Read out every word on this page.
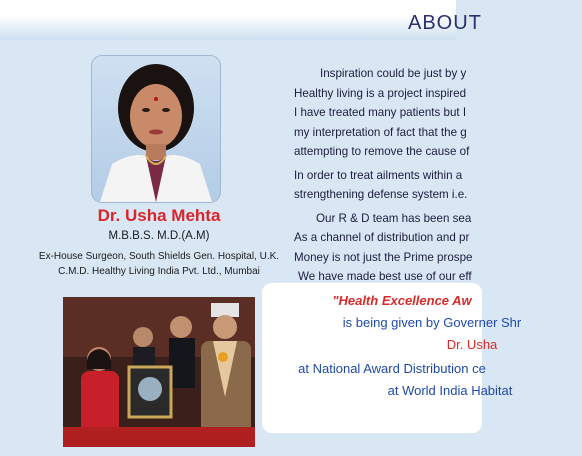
ABOUT
Dr. Usha Mehta
M.B.B.S. M.D.(A.M)
Ex-House Surgeon, South Shields Gen. Hospital, U.K.
C.M.D. Healthy Living India Pvt. Ltd., Mumbai
Inspiration could be just by y
Healthy living is a project inspired
I have treated many patients but I
my interpretation of fact that the g
attempting to remove the cause of
In order to treat ailments within a
strengthening defense system i.e.
Our R & D team has been sea
As a channel of distribution and pr
Money is not just the Prime prospe
We have made best use of our eff
"Health Excellence Aw
is being given by Governer Shr
Dr. Usha
at National Award Distribution ce
at World India Habitat
